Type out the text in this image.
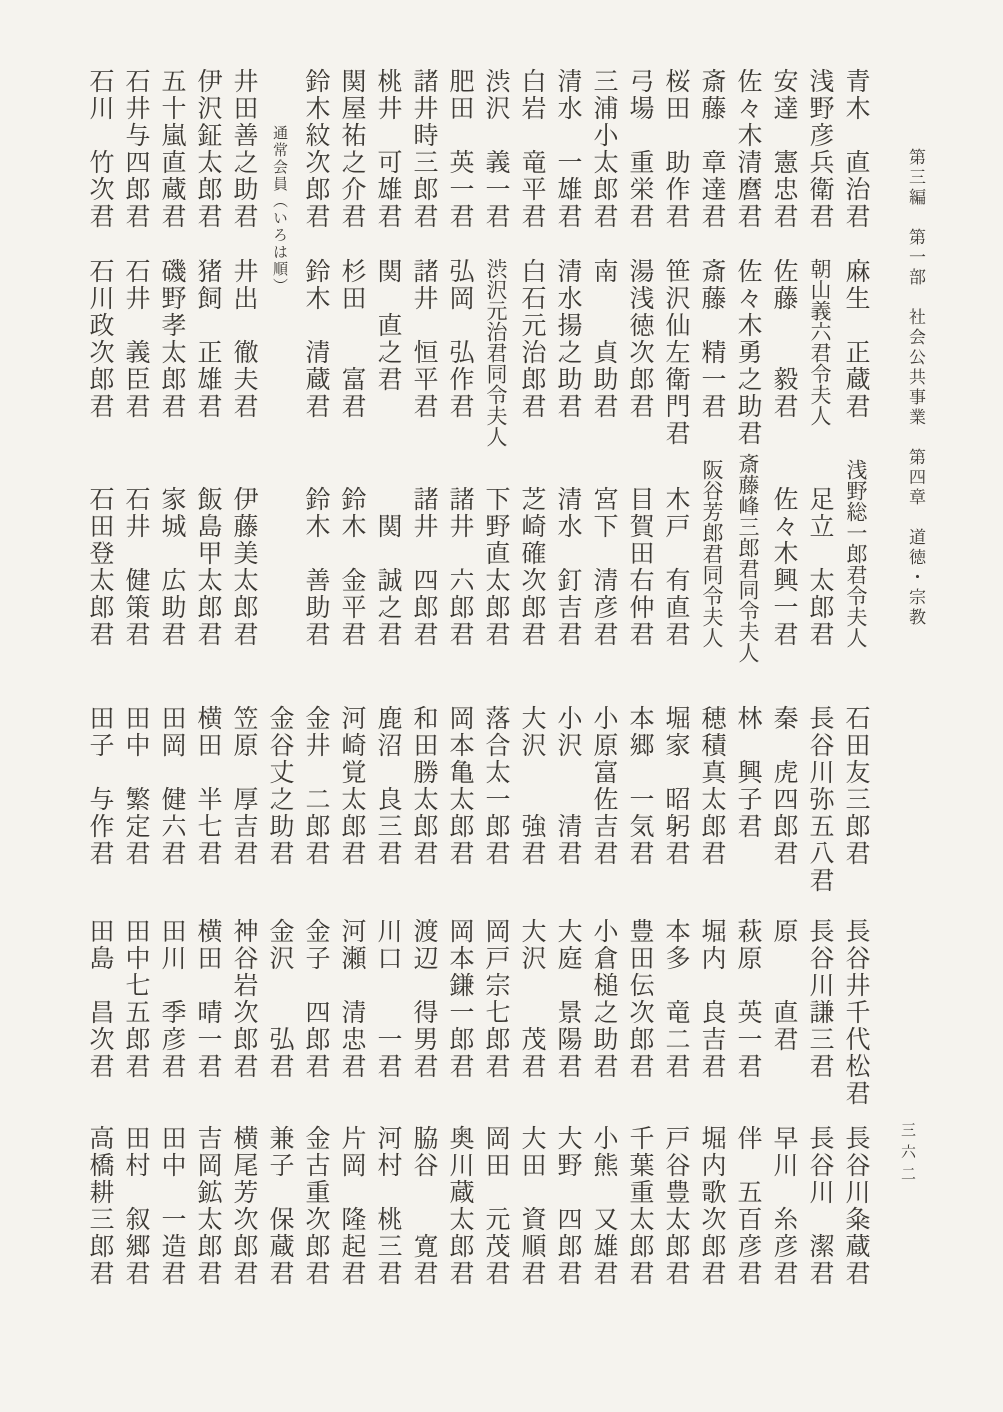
第三編　第一部　社会公共事業　第四章　道徳・宗教
三六二
青木　直治君麻生　正蔵君浅野総一郎君令夫人
浅野彦兵衛君朝山義六君令夫人足立　太郎君
安達　憲忠君佐藤　　毅君佐々木興一君
佐々木清麿君佐々木勇之助君斎藤峰三郎君同令夫人
斎藤　章達君斎藤　精一君阪谷芳郎君同令夫人
桜田　助作君笹沢仙左衛門君木戸　有直君
弓場　重栄君湯浅徳次郎君目賀田右仲君
三浦小太郎君南　　貞助君宮下　清彦君
清水　一雄君清水揚之助君清水　釘吉君
白岩　竜平君白石元治郎君芝崎確次郎君
渋沢　義一君渋沢元治君同令夫人下野直太郎君
肥田　英一君弘岡　弘作君諸井　六郎君
諸井時三郎君諸井　恒平君諸井　四郎君
桃井　可雄君関　直之君関　誠之君
関屋祐之介君杉田　　富君鈴木　金平君
鈴木紋次郎君鈴木　清蔵君鈴木　善助君
通常会員（いろは順）
井田善之助君井出　徹夫君伊藤美太郎君
伊沢鉦太郎君猪飼　正雄君飯島甲太郎君
五十嵐直蔵君磯野孝太郎君家城　広助君
石井与四郎君石井　義臣君石井　健策君
石川　竹次君石川政次郎君石田登太郎君
石田友三郎君
長谷川弥五八君
秦　虎四郎君
林　興子君
穂積真太郎君
堀家　昭躬君
本郷　一気君
小原富佐吉君
小沢　　清君
大沢　　強君
落合太一郎君
岡本亀太郎君
和田勝太郎君
鹿沼　良三君
河崎覚太郎君
金井　二郎君
金谷丈之助君
笠原　厚吉君
横田　半七君
田岡　健六君
田中　繁定君
田子　与作君
長谷井千代松君
長谷川謙三君
原　　直君
萩原　英一君
堀内　良吉君
本多　竜二君
豊田伝次郎君
小倉槌之助君
大庭　景陽君
大沢　　茂君
岡戸宗七郎君
岡本鎌一郎君
渡辺　得男君
川口　　一君
河瀬　清忠君
金子　四郎君
金沢　　弘君
神谷岩次郎君
横田　晴一君
田川　季彦君
田中七五郎君
田島　昌次君
長谷川粂蔵君
長谷川　潔君
早川　糸彦君
伴　五百彦君
堀内歌次郎君
戸谷豊太郎君
千葉重太郎君
小熊　又雄君
大野　四郎君
大田　資順君
岡田　元茂君
奥川蔵太郎君
脇谷　　寛君
河村　桃三君
片岡　隆起君
金古重次郎君
兼子　保蔵君
横尾芳次郎君
吉岡鉱太郎君
田中　一造君
田村　叙郷君
高橋耕三郎君
